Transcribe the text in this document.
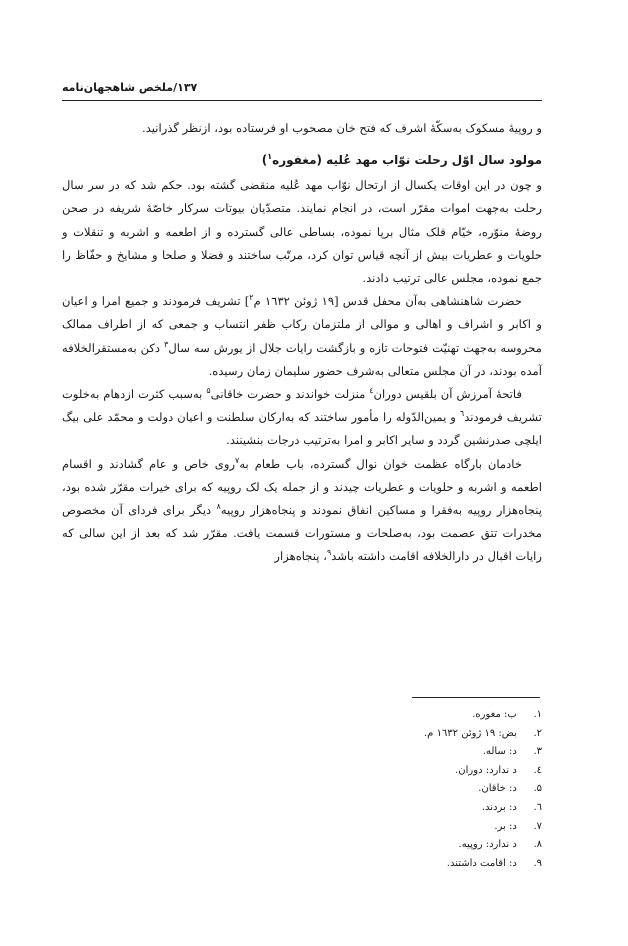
۱۳۷/ملخص شاهجهان‌نامه

و روپیهٔ مسکوک به‌سکّهٔ اشرف که فتح خان مصحوب او فرستاده بود، ازنظر گذرانید.

مولود سال اوّل رحلت نوّاب مهد عُلیه (مغفوره$^۱$)

و چون در این اوقات یکسال از ارتحال نوّاب مهد عُلیه منقضی گشته بود. حکم شد که در سر سال رحلت به‌جهت اموات مقرّر است، در انجام نمایند. متصدّیان بیوتات سرکار خاصّهٔ شریفه در صحن روضهٔ منوّره، خیّام فلک مثال برپا نموده، بساطی عالی گسترده و از اطعمه و اشربه و تنقلات و حلویات و عطریات بیش از آنچه قیاس توان کرد، مرتّب ساختند و فضلا و صلحا و مشایخ و حفّاظ را جمع نموده، مجلس عالی ترتیب دادند.

حضرت شاهنشاهی به‌آن محفل قدس [۱۹ ژوئن ۱٦۳۲ م$^۲$] تشریف فرمودند و جمیع امرا و اعیان و اکابر و اشراف و اهالی و موالی از ملتزمان رکاب ظفر انتساب و جمعی که از اطراف ممالک محروسه به‌جهت تهنیّت فتوحات تازه و بازگشت رایات جلال از یورش سه سال$^۳$ دکن به‌مستقرالخلافه آمده بودند، در آن مجلس متعالی به‌شرف حضور سلیمان زمان رسیده.

فاتحهٔ آمرزش آن بلقیس دوران$^٤$ منزلت خواندند و حضرت خاقانی$^۵$ به‌سبب کثرت ازدهام به‌خلوت تشریف فرمودند$^٦$ و یمین‌الدّوله را مأمور ساختند که به‌ارکان سلطنت و اعیان دولت و محمّد علی بیگ ایلچی صدرنشین گردد و سایر اکابر و امرا به‌ترتیب درجات بنشینند.

خادمان بارگاه عظمت خوان نوال گسترده، باب طعام به$^۷$روی خاص و عام گشادند و اقسام اطعمه و اشربه و حلویات و عطریات چیدند و از جمله یک لک روپیه که برای خیرات مقرّر شده بود، پنجاه‌هزار روپیه به‌فقرا و مساکین انفاق نمودند و پنجاه‌هزار روپیه$^۸$ دیگر برای فردای آن مخصوص مخدرات تتق عصمت بود، به‌صلحات و مستورات قسمت یافت. مقرّر شد که بعد از این سالی که رایات اقبال در دارالخلافه اقامت داشته باشد$^۹$، پنجاه‌هزار

۱. ب: مغوره.
۲. بض: ۱۹ ژوئن ۱٦۳۲ م.
۳. د: ساله.
٤. د ندارد: دوران.
۵. د: خاقان.
٦. د: بردند.
۷. د: بر.
۸. د ندارد: روپیه.
۹. د: اقامت داشتند.
